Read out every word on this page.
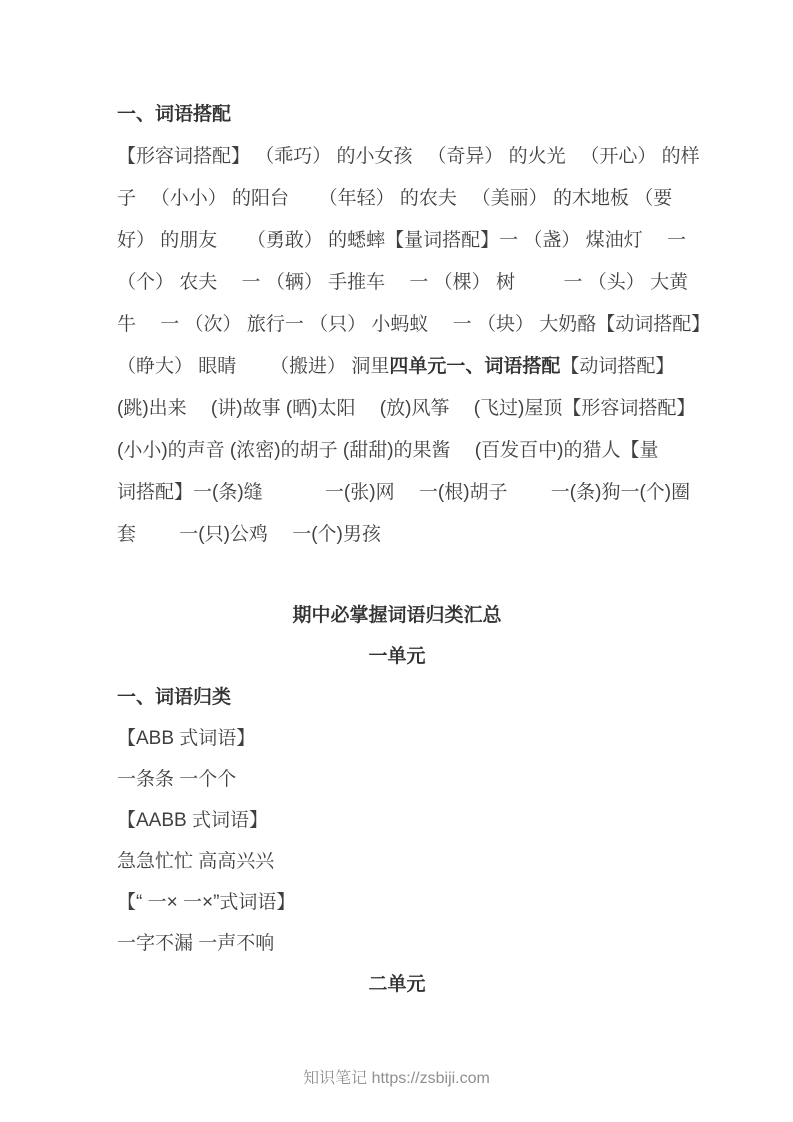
一、词语搭配
【形容词搭配】 （乖巧） 的小女孩 　（奇异） 的火光 　（开心） 的样
子 　（小小） 的阳台 　 （年轻） 的农夫 　（美丽） 的木地板 （要
好） 的朋友 　 （勇敢） 的蟋蟀【量词搭配】一 （盏） 煤油灯 　一
（个） 农夫 　一 （辆） 手推车 　一 （棵） 树 　　 一 （头） 大黄
牛 　一 （次） 旅行一 （只） 小蚂蚁 　一 （块） 大奶酪【动词搭配】
（睁大） 眼睛 　　（搬进） 洞里四单元一、词语搭配【动词搭配】
(跳)出来 　(讲)故事 (晒)太阳 　(放)风筝 　(飞过)屋顶【形容词搭配】
(小小)的声音 (浓密)的胡子 (甜甜)的果酱 　(百发百中)的猎人【量
词搭配】一(条)缝 　　　一(张)网 　一(根)胡子 　　一(条)狗一(个)圈
套 　　一(只)公鸡 　一(个)男孩
期中必掌握词语归类汇总
一单元
一、词语归类
【ABB 式词语】
一条条 一个个
【AABB 式词语】
急急忙忙 高高兴兴
【“ 一× 一×”式词语】
一字不漏 一声不响
二单元
知识笔记 https://zsbiji.com
